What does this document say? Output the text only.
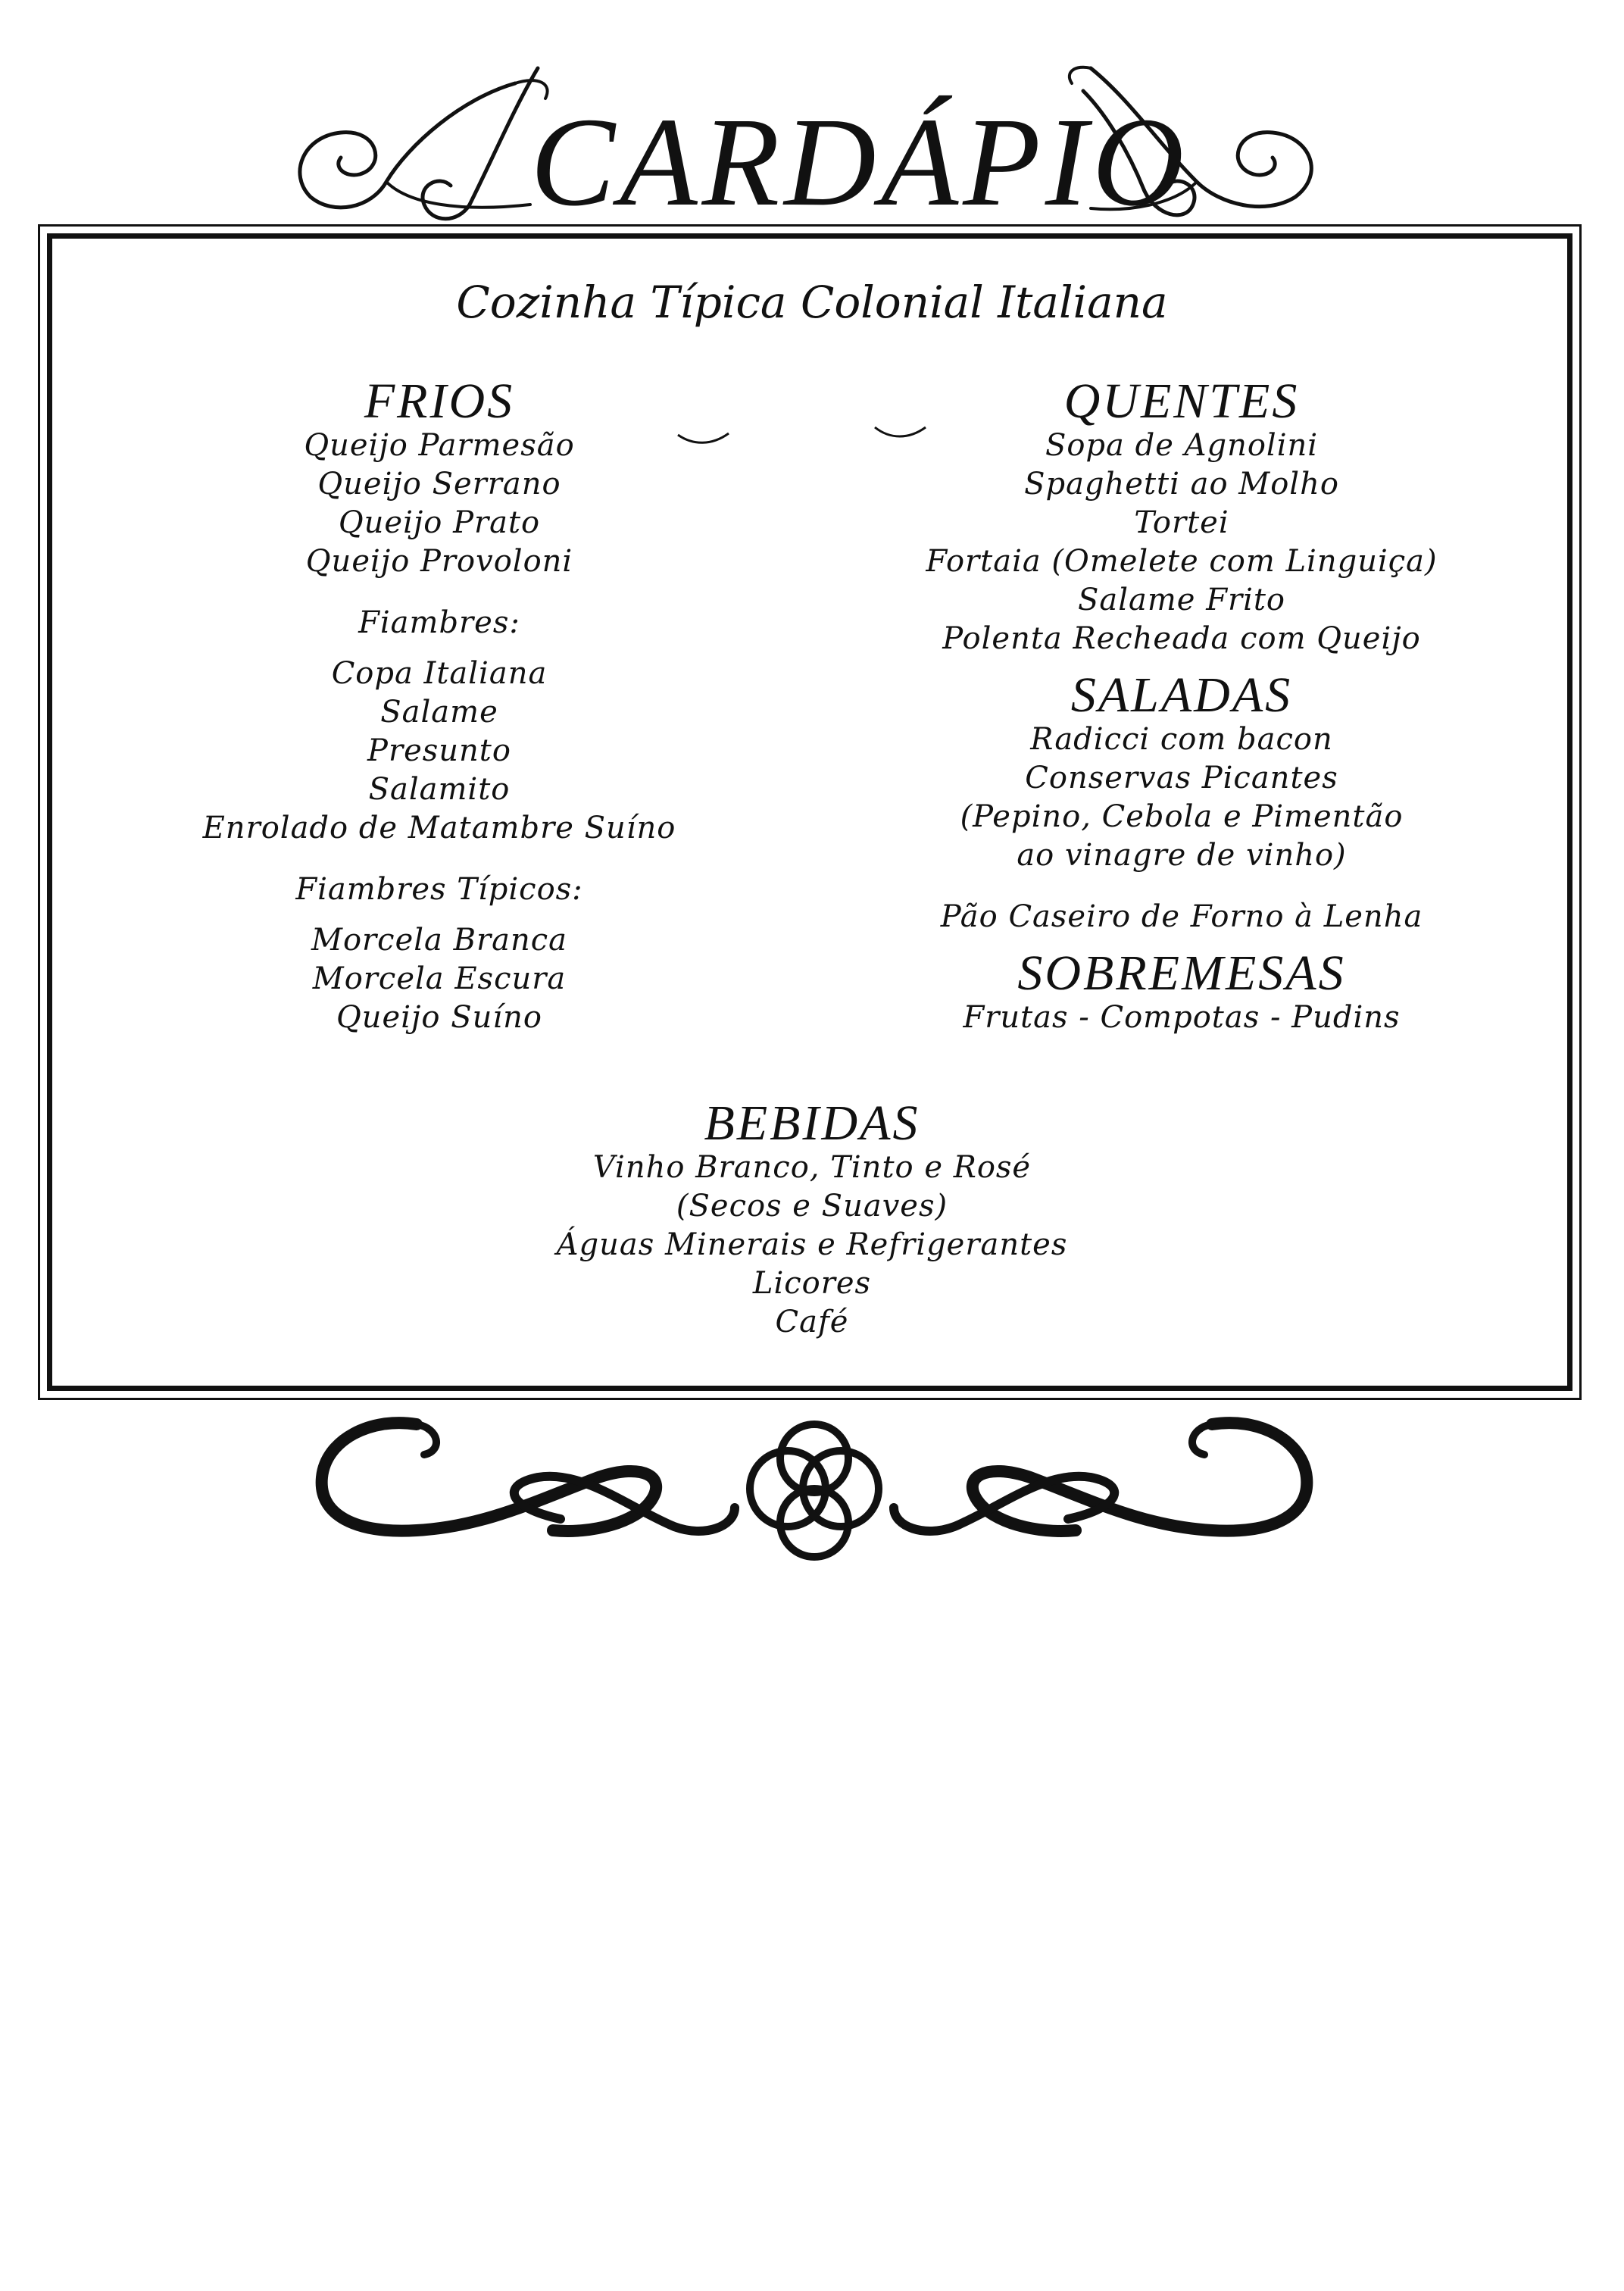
CARDÁPIO
Cozinha Típica Colonial Italiana
FRIOS
Queijo Parmesão
Queijo Serrano
Queijo Prato
Queijo Provoloni
Fiambres:
Copa Italiana
Salame
Presunto
Salamito
Enrolado de Matambre Suíno
Fiambres Típicos:
Morcela Branca
Morcela Escura
Queijo Suíno
QUENTES
Sopa de Agnolini
Spaghetti ao Molho
Tortei
Fortaia (Omelete com Linguiça)
Salame Frito
Polenta Recheada com Queijo
SALADAS
Radicci com bacon
Conservas Picantes
(Pepino, Cebola e Pimentão
ao vinagre de vinho)
Pão Caseiro de Forno à Lenha
SOBREMESAS
Frutas - Compotas - Pudins
BEBIDAS
Vinho Branco, Tinto e Rosé
(Secos e Suaves)
Águas Minerais e Refrigerantes
Licores
Café
